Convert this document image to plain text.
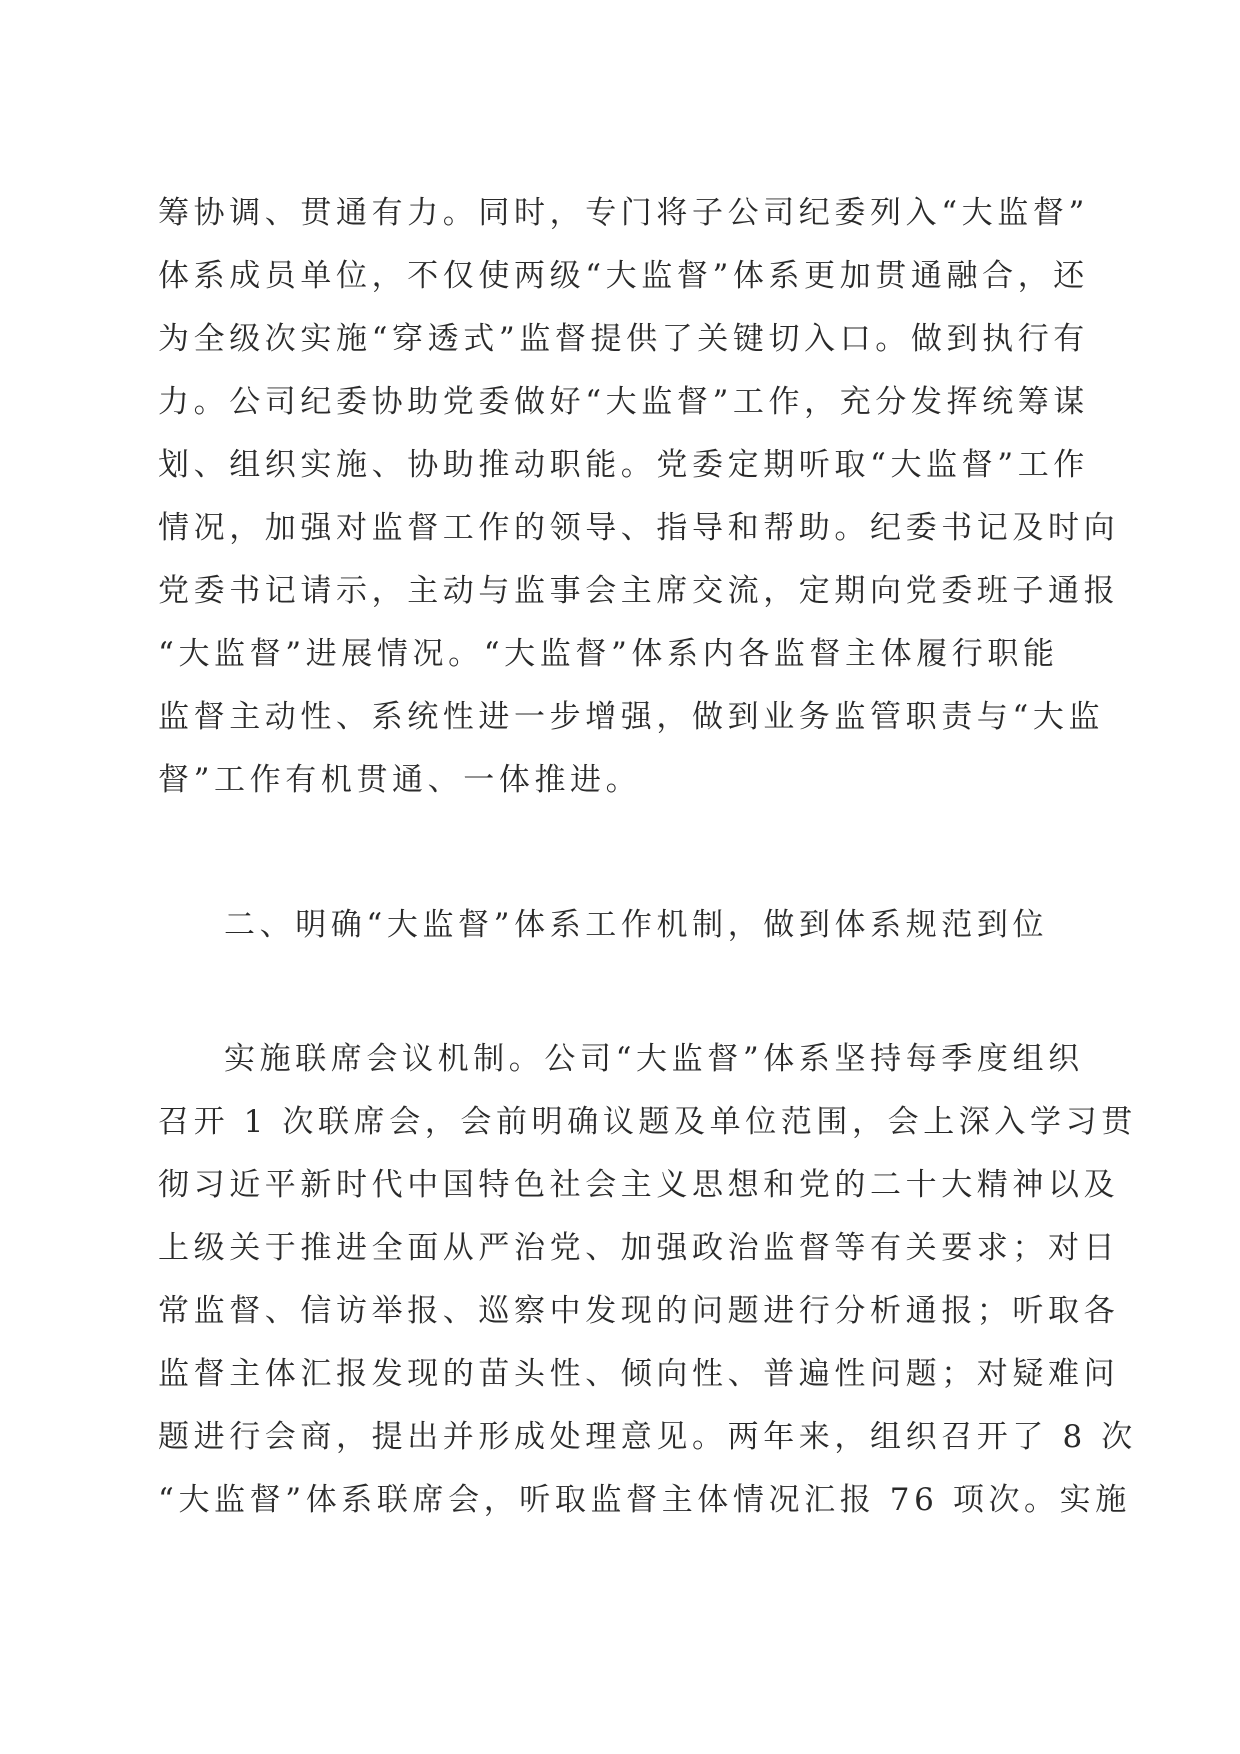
筹协调、贯通有力。同时，专门将子公司纪委列入“大监督”
体系成员单位，不仅使两级“大监督”体系更加贯通融合，还
为全级次实施“穿透式”监督提供了关键切入口。做到执行有
力。公司纪委协助党委做好“大监督”工作，充分发挥统筹谋
划、组织实施、协助推动职能。党委定期听取“大监督”工作
情况，加强对监督工作的领导、指导和帮助。纪委书记及时向
党委书记请示，主动与监事会主席交流，定期向党委班子通报
“大监督”进展情况。“大监督”体系内各监督主体履行职能
监督主动性、系统性进一步增强，做到业务监管职责与“大监
督”工作有机贯通、一体推进。
二、明确“大监督”体系工作机制，做到体系规范到位
实施联席会议机制。公司“大监督”体系坚持每季度组织
召开 1 次联席会，会前明确议题及单位范围，会上深入学习贯
彻习近平新时代中国特色社会主义思想和党的二十大精神以及
上级关于推进全面从严治党、加强政治监督等有关要求；对日
常监督、信访举报、巡察中发现的问题进行分析通报；听取各
监督主体汇报发现的苗头性、倾向性、普遍性问题；对疑难问
题进行会商，提出并形成处理意见。两年来，组织召开了 8 次
“大监督”体系联席会，听取监督主体情况汇报 76 项次。实施
